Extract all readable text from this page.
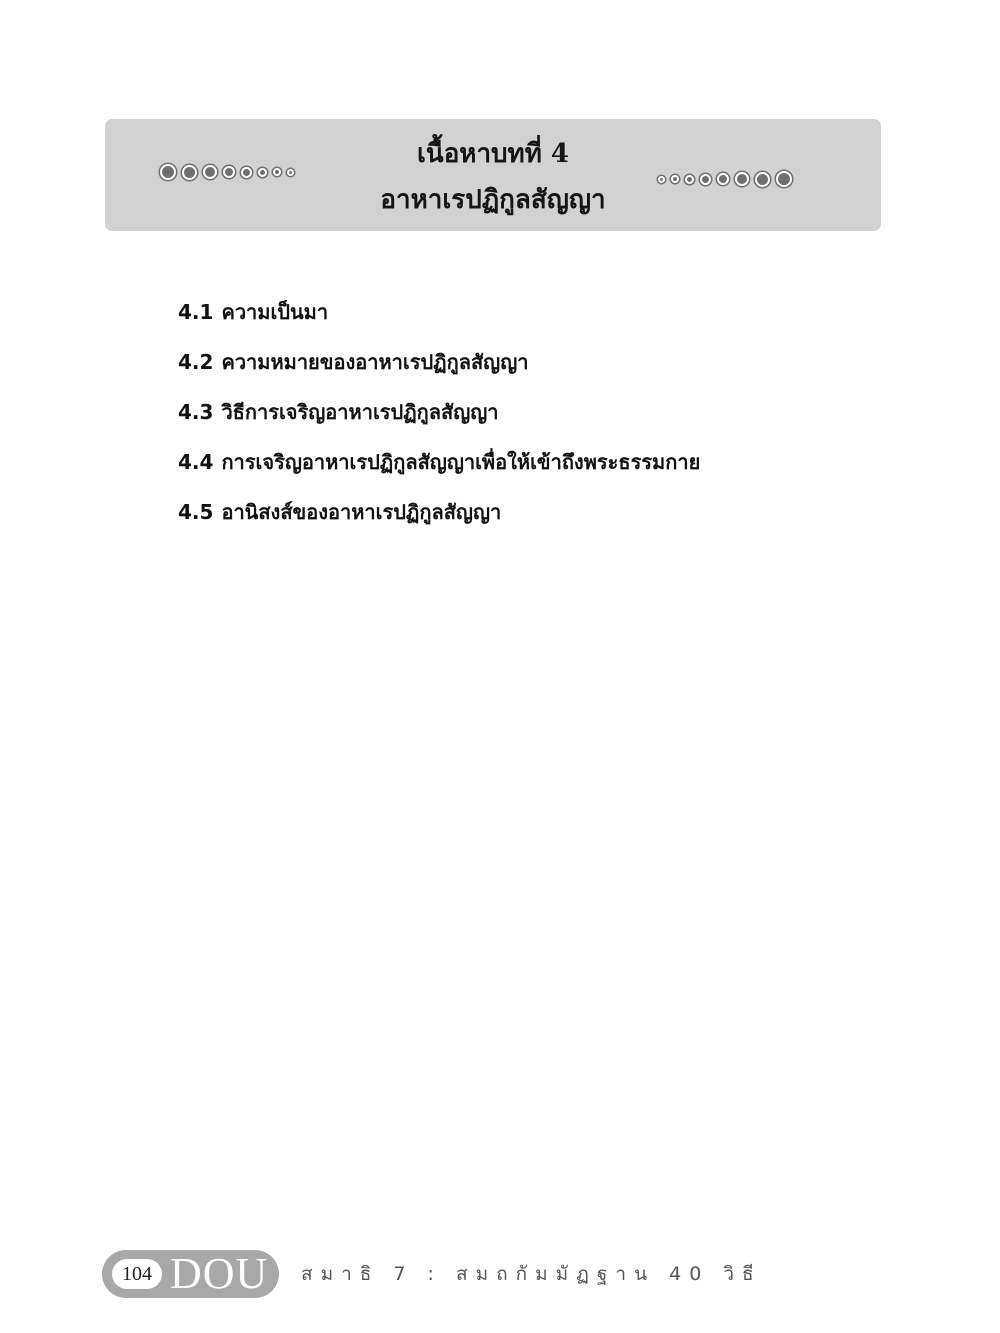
เนื้อหาบทที่ 4
อาหาเรปฏิกูลสัญญา
4.1 ความเป็นมา
4.2 ความหมายของอาหาเรปฏิกูลสัญญา
4.3 วิธีการเจริญอาหาเรปฏิกูลสัญญา
4.4 การเจริญอาหาเรปฏิกูลสัญญาเพื่อให้เข้าถึงพระธรรมกาย
4.5 อานิสงส์ของอาหาเรปฏิกูลสัญญา
104 DOU สมาธิ 7 : สมถกัมมัฏฐาน 40 วิธี
